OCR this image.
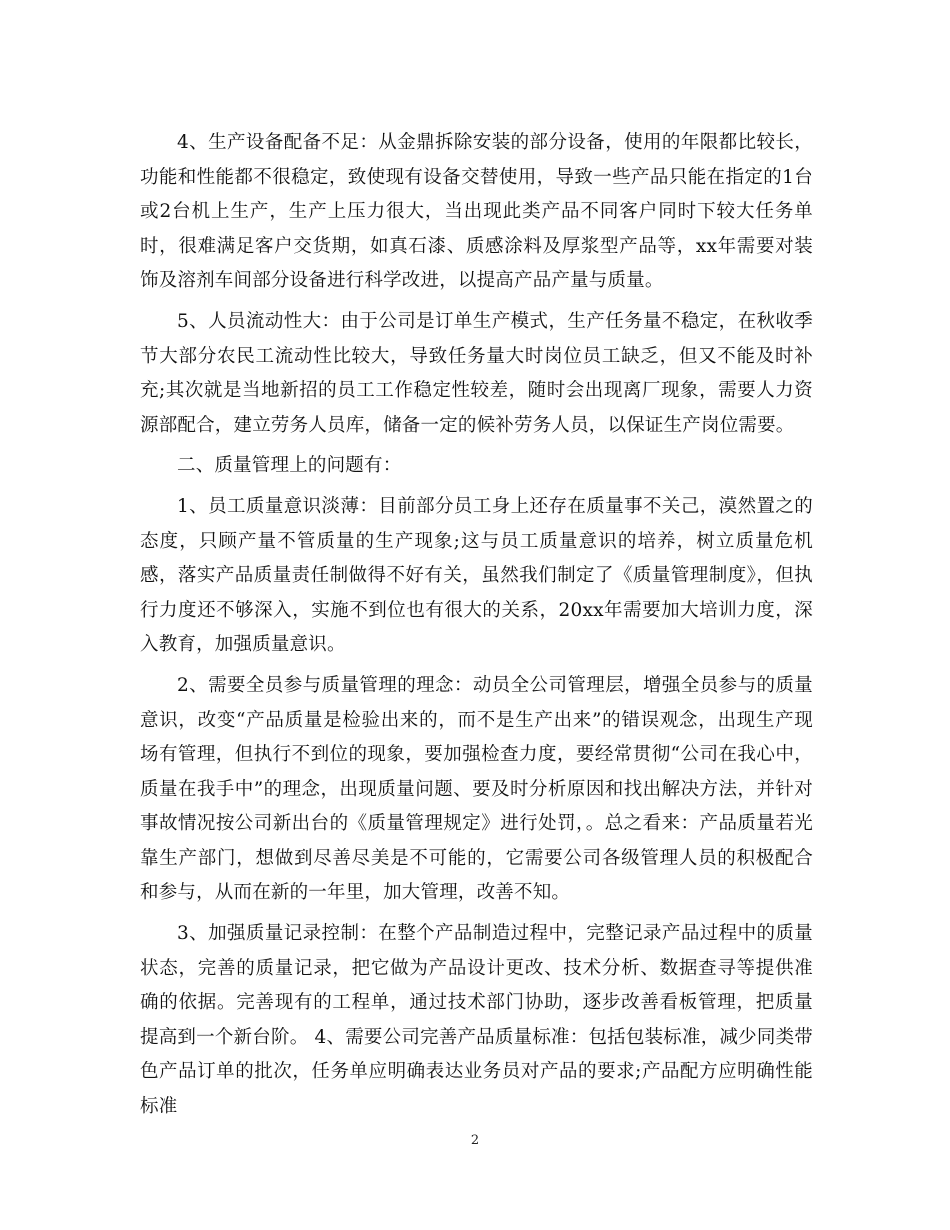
4、生产设备配备不足：从金鼎拆除安装的部分设备，使用的年限都比较长，功能和性能都不很稳定，致使现有设备交替使用，导致一些产品只能在指定的1台或2台机上生产，生产上压力很大，当出现此类产品不同客户同时下较大任务单时，很难满足客户交货期，如真石漆、质感涂料及厚浆型产品等，xx年需要对装饰及溶剂车间部分设备进行科学改进，以提高产品产量与质量。

5、人员流动性大：由于公司是订单生产模式，生产任务量不稳定，在秋收季节大部分农民工流动性比较大，导致任务量大时岗位员工缺乏，但又不能及时补充;其次就是当地新招的员工工作稳定性较差，随时会出现离厂现象，需要人力资源部配合，建立劳务人员库，储备一定的候补劳务人员，以保证生产岗位需要。

二、质量管理上的问题有：

1、员工质量意识淡薄：目前部分员工身上还存在质量事不关己，漠然置之的态度，只顾产量不管质量的生产现象;这与员工质量意识的培养，树立质量危机感，落实产品质量责任制做得不好有关，虽然我们制定了《质量管理制度》，但执行力度还不够深入，实施不到位也有很大的关系，20xx年需要加大培训力度，深入教育，加强质量意识。

2、需要全员参与质量管理的理念：动员全公司管理层，增强全员参与的质量意识，改变“产品质量是检验出来的，而不是生产出来”的错误观念，出现生产现场有管理，但执行不到位的现象，要加强检查力度，要经常贯彻“公司在我心中，质量在我手中”的理念，出现质量问题、要及时分析原因和找出解决方法，并针对事故情况按公司新出台的《质量管理规定》进行处罚，。总之看来：产品质量若光靠生产部门，想做到尽善尽美是不可能的，它需要公司各级管理人员的积极配合和参与，从而在新的一年里，加大管理，改善不知。

3、加强质量记录控制：在整个产品制造过程中，完整记录产品过程中的质量状态，完善的质量记录，把它做为产品设计更改、技术分析、数据查寻等提供准确的依据。完善现有的工程单，通过技术部门协助，逐步改善看板管理，把质量提高到一个新台阶。 4、需要公司完善产品质量标准：包括包装标准，减少同类带色产品订单的批次，任务单应明确表达业务员对产品的要求;产品配方应明确性能标准

2
